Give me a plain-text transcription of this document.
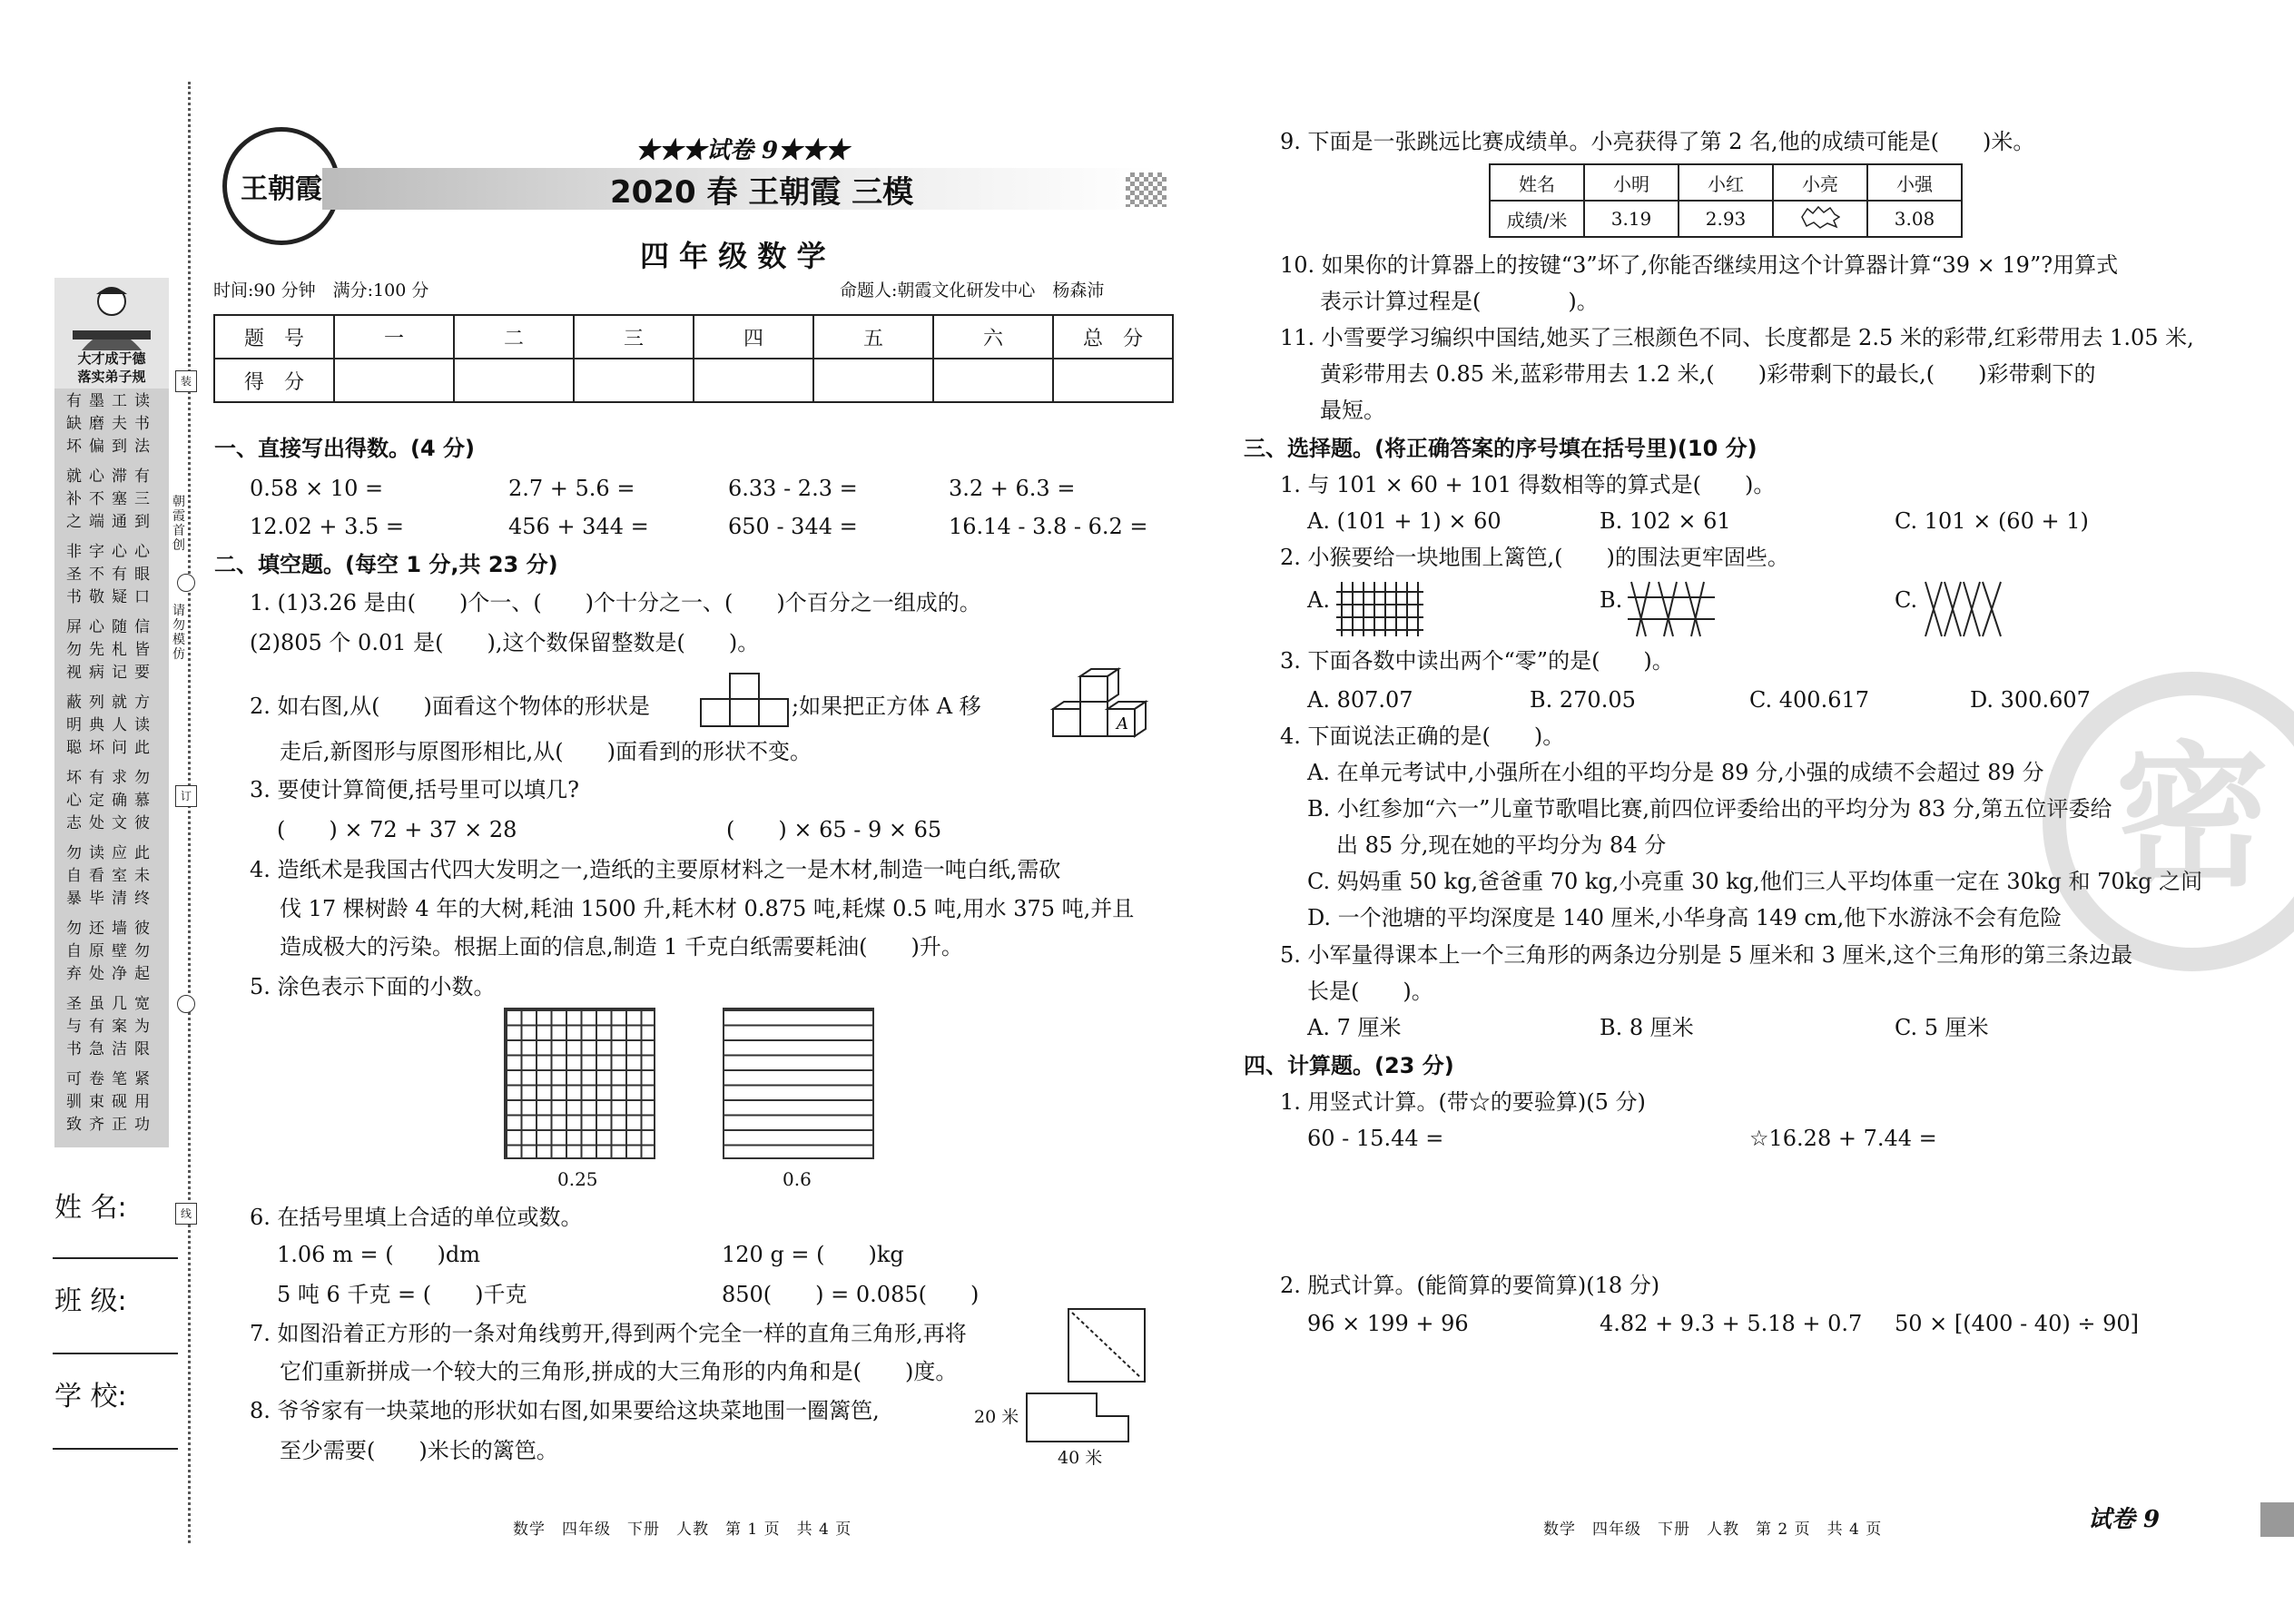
大才成于德
落实弟子规
有墨工读
缺磨夫书
坏偏到法
就心滞有
补不塞三
之端通到
非字心心
圣不有眼
书敬疑口
屏心随信
勿先札皆
视病记要
蔽列就方
明典人读
聪坏问此
坏有求勿
心定确慕
志处文彼
勿读应此
自看室未
暴毕清终
勿还墙彼
自原壁勿
弃处净起
圣虽几宽
与有案为
书急洁限
可卷笔紧
驯束砚用
致齐正功
朝霞首创
请勿模仿
装
订
线
姓 名:
班 级:
学 校:
王朝霞
★★★试卷 9★★★
2020 春 王朝霞 三模
四 年 级 数 学
时间:90 分钟　满分:100 分	命题人:朝霞文化研发中心　杨森沛
题　号	一	二	三	四	五	六	总　分
得　分							
一、直接写出得数。(4 分)
0.58 × 10 =	2.7 + 5.6 =	6.33 - 2.3 =	3.2 + 6.3 =
12.02 + 3.5 =	456 + 344 =	650 - 344 =	16.14 - 3.8 - 6.2 =
二、填空题。(每空 1 分,共 23 分)
1. (1)3.26 是由(　　)个一、(　　)个十分之一、(　　)个百分之一组成的。
(2)805 个 0.01 是(　　),这个数保留整数是(　　)。
2. 如右图,从(　　)面看这个物体的形状是	;如果把正方体 A 移
A
走后,新图形与原图形相比,从(　　)面看到的形状不变。
3. 要使计算简便,括号里可以填几?
(　　) × 72 + 37 × 28	(　　) × 65 - 9 × 65
4. 造纸术是我国古代四大发明之一,造纸的主要原材料之一是木材,制造一吨白纸,需砍
伐 17 棵树龄 4 年的大树,耗油 1500 升,耗木材 0.875 吨,耗煤 0.5 吨,用水 375 吨,并且
造成极大的污染。根据上面的信息,制造 1 千克白纸需要耗油(　　)升。
5. 涂色表示下面的小数。
0.25	0.6
6. 在括号里填上合适的单位或数。
1.06 m = (　　)dm	120 g = (　　)kg
5 吨 6 千克 = (　　)千克	850(　　) = 0.085(　　)
7. 如图沿着正方形的一条对角线剪开,得到两个完全一样的直角三角形,再将
它们重新拼成一个较大的三角形,拼成的大三角形的内角和是(　　)度。
8. 爷爷家有一块菜地的形状如右图,如果要给这块菜地围一圈篱笆,
至少需要(　　)米长的篱笆。
20 米
40 米
9. 下面是一张跳远比赛成绩单。小亮获得了第 2 名,他的成绩可能是(　　)米。
姓名	小明	小红	小亮	小强
成绩/米	3.19	2.93		3.08
10. 如果你的计算器上的按键“3”坏了,你能否继续用这个计算器计算“39 × 19”?用算式
表示计算过程是(　　　　)。
11. 小雪要学习编织中国结,她买了三根颜色不同、长度都是 2.5 米的彩带,红彩带用去 1.05 米,
黄彩带用去 0.85 米,蓝彩带用去 1.2 米,(　　)彩带剩下的最长,(　　)彩带剩下的
最短。
三、选择题。(将正确答案的序号填在括号里)(10 分)
1. 与 101 × 60 + 101 得数相等的算式是(　　)。
A. (101 + 1) × 60	B. 102 × 61	C. 101 × (60 + 1)
2. 小猴要给一块地围上篱笆,(　　)的围法更牢固些。
A.	B.	C.
3. 下面各数中读出两个“零”的是(　　)。
A. 807.07	B. 270.05	C. 400.617	D. 300.607
4. 下面说法正确的是(　　)。
A. 在单元考试中,小强所在小组的平均分是 89 分,小强的成绩不会超过 89 分
B. 小红参加“六一”儿童节歌唱比赛,前四位评委给出的平均分为 83 分,第五位评委给
出 85 分,现在她的平均分为 84 分
C. 妈妈重 50 kg,爸爸重 70 kg,小亮重 30 kg,他们三人平均体重一定在 30kg 和 70kg 之间
D. 一个池塘的平均深度是 140 厘米,小华身高 149 cm,他下水游泳不会有危险
5. 小军量得课本上一个三角形的两条边分别是 5 厘米和 3 厘米,这个三角形的第三条边最
长是(　　)。
A. 7 厘米	B. 8 厘米	C. 5 厘米
四、计算题。(23 分)
1. 用竖式计算。(带☆的要验算)(5 分)
60 - 15.44 =	☆16.28 + 7.44 =
2. 脱式计算。(能简算的要简算)(18 分)
96 × 199 + 96	4.82 + 9.3 + 5.18 + 0.7 50 × [(400 - 40) ÷ 90]
密
数学　四年级　下册　人教　第 1 页　共 4 页	数学　四年级　下册　人教　第 2 页　共 4 页	试卷 9
